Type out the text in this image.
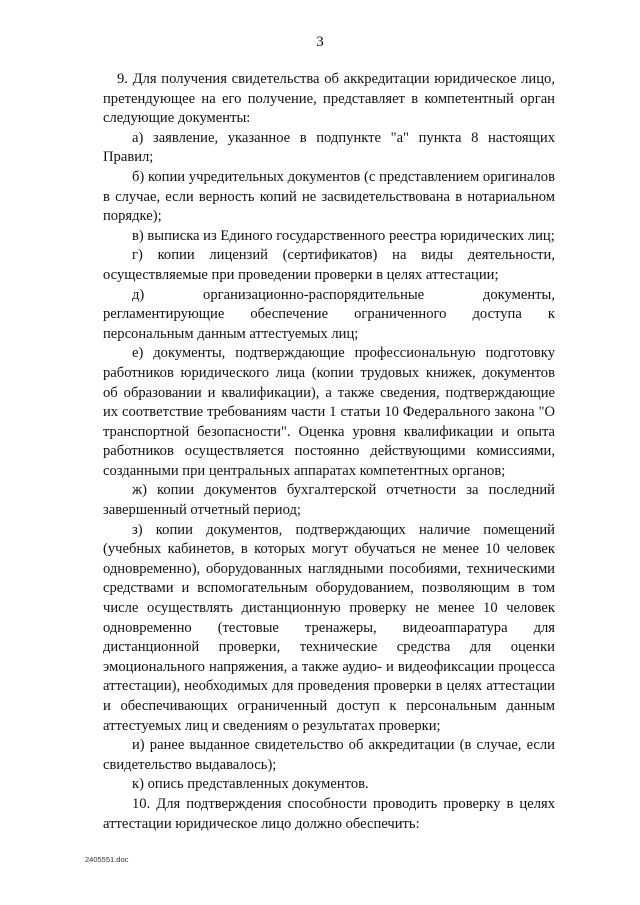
3

9. Для получения свидетельства об аккредитации юридическое лицо, претендующее на его получение, представляет в компетентный орган следующие документы:

а) заявление, указанное в подпункте "а" пункта 8 настоящих Правил;

б) копии учредительных документов (с представлением оригиналов в случае, если верность копий не засвидетельствована в нотариальном порядке);

в) выписка из Единого государственного реестра юридических лиц;

г) копии лицензий (сертификатов) на виды деятельности, осуществляемые при проведении проверки в целях аттестации;

д) организационно-распорядительные документы, регламентирующие обеспечение ограниченного доступа к персональным данным аттестуемых лиц;

е) документы, подтверждающие профессиональную подготовку работников юридического лица (копии трудовых книжек, документов об образовании и квалификации), а также сведения, подтверждающие их соответствие требованиям части 1 статьи 10 Федерального закона "О транспортной безопасности". Оценка уровня квалификации и опыта работников осуществляется постоянно действующими комиссиями, созданными при центральных аппаратах компетентных органов;

ж) копии документов бухгалтерской отчетности за последний завершенный отчетный период;

з) копии документов, подтверждающих наличие помещений (учебных кабинетов, в которых могут обучаться не менее 10 человек одновременно), оборудованных наглядными пособиями, техническими средствами и вспомогательным оборудованием, позволяющим в том числе осуществлять дистанционную проверку не менее 10 человек одновременно (тестовые тренажеры, видеоаппаратура для дистанционной проверки, технические средства для оценки эмоционального напряжения, а также аудио- и видеофиксации процесса аттестации), необходимых для проведения проверки в целях аттестации и обеспечивающих ограниченный доступ к персональным данным аттестуемых лиц и сведениям о результатах проверки;

и) ранее выданное свидетельство об аккредитации (в случае, если свидетельство выдавалось);

к) опись представленных документов.

10. Для подтверждения способности проводить проверку в целях аттестации юридическое лицо должно обеспечить:

2405551.doc
